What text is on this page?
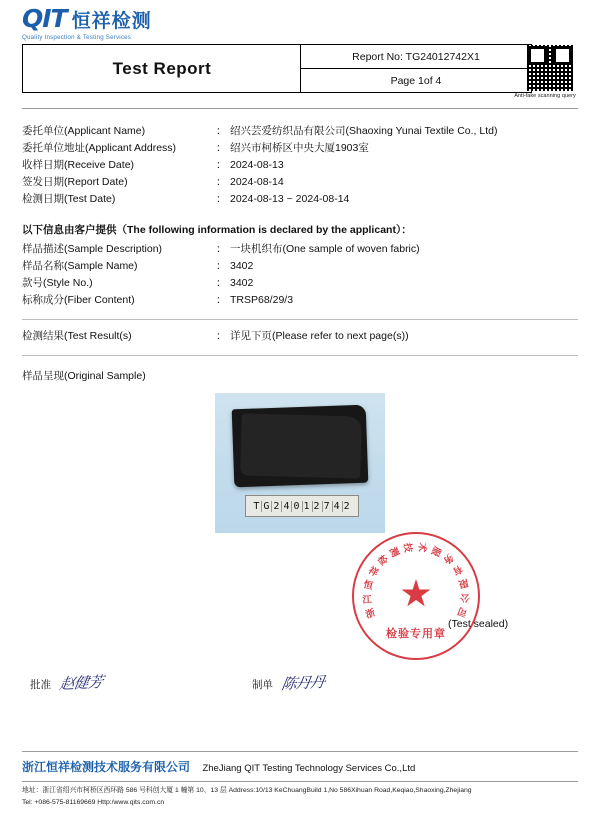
QIT 恒祥检测
Quality Inspection & Testing Services
Test Report
Report No: TG24012742X1
Page 1of 4
Anti-fake scanning query
委托单位(Applicant Name)	： 绍兴芸爱纺织品有限公司(Shaoxing Yunai Textile Co., Ltd)
委托单位地址(Applicant Address)	： 绍兴市柯桥区中央大厦1903室
收样日期(Receive Date)	： 2024-08-13
签发日期(Report Date)	： 2024-08-14
检测日期(Test Date)	： 2024-08-13 ~ 2024-08-14
以下信息由客户提供（The following information is declared by the applicant）：
样品描述(Sample Description)	： 一块机织布(One sample of woven fabric)
样品名称(Sample Name)	： 3402
款号(Style No.)	： 3402
标称成分(Fiber Content)	： TRSP68/29/3
检测结果(Test Result(s)	： 详见下页(Please refer to next page(s))
样品呈现(Original Sample)
T G 2 4 0 1 2 7 4 2
浙
江
恒
祥
检
测 技 术 服
务
有
限
公
司
检验专用章
(Test sealed)
批准 赵健芳	制单 陈丹丹
浙江恒祥检测技术服务有限公司 ZheJiang QIT Testing Technology Services Co.,Ltd
地址：浙江省绍兴市柯桥区西环路 586 号科创大厦 1 幢第 10、13 层 Address:10/13 KeChuangBuild 1,No 586Xihuan Road,Keqiao,Shaoxing,Zhejiang
Tel: +086-575-81169669 Http:/www.qits.com.cn
